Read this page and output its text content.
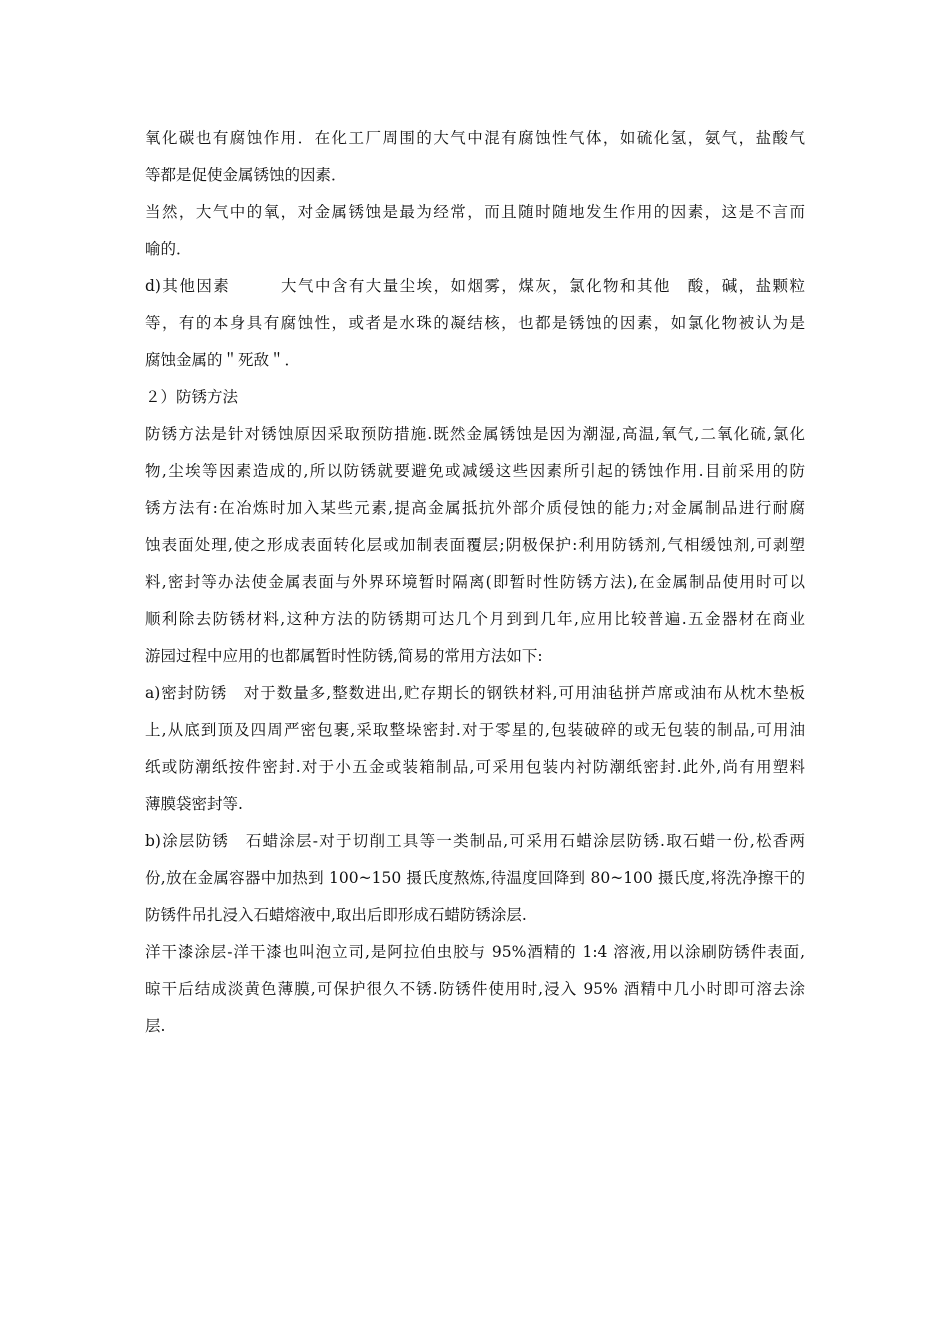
氧化碳也有腐蚀作用．在化工厂周围的大气中混有腐蚀性气体，如硫化氢，氨气，盐酸气
等都是促使金属锈蚀的因素．
当然，大气中的氧，对金属锈蚀是最为经常，而且随时随地发生作用的因素，这是不言而
喻的．
d)其他因素　　　大气中含有大量尘埃，如烟雾，煤灰，氯化物和其他　酸，碱，盐颗粒
等，有的本身具有腐蚀性，或者是水珠的凝结核，也都是锈蚀的因素，如氯化物被认为是
腐蚀金属的＂死敌＂．
２）防锈方法
防锈方法是针对锈蚀原因采取预防措施.既然金属锈蚀是因为潮湿,高温,氧气,二氧化硫,氯化
物,尘埃等因素造成的,所以防锈就要避免或减缓这些因素所引起的锈蚀作用.目前采用的防
锈方法有:在冶炼时加入某些元素,提高金属抵抗外部介质侵蚀的能力;对金属制品进行耐腐
蚀表面处理,使之形成表面转化层或加制表面覆层;阴极保护:利用防锈剂,气相缓蚀剂,可剥塑
料,密封等办法使金属表面与外界环境暂时隔离(即暂时性防锈方法),在金属制品使用时可以
顺利除去防锈材料,这种方法的防锈期可达几个月到到几年,应用比较普遍.五金器材在商业
游园过程中应用的也都属暂时性防锈,简易的常用方法如下:
a)密封防锈　对于数量多,整数进出,贮存期长的钢铁材料,可用油毡拼芦席或油布从枕木垫板
上,从底到顶及四周严密包裹,采取整垛密封.对于零星的,包装破碎的或无包装的制品,可用油
纸或防潮纸按件密封.对于小五金或装箱制品,可采用包装内衬防潮纸密封.此外,尚有用塑料
薄膜袋密封等.
b)涂层防锈　石蜡涂层-对于切削工具等一类制品,可采用石蜡涂层防锈.取石蜡一份,松香两
份,放在金属容器中加热到 100~150 摄氏度熬炼,待温度回降到 80~100 摄氏度,将洗净擦干的
防锈件吊扎浸入石蜡熔液中,取出后即形成石蜡防锈涂层.
洋干漆涂层-洋干漆也叫泡立司,是阿拉伯虫胶与 95%酒精的 1:4 溶液,用以涂刷防锈件表面,
晾干后结成淡黄色薄膜,可保护很久不锈.防锈件使用时,浸入 95% 酒精中几小时即可溶去涂
层.
